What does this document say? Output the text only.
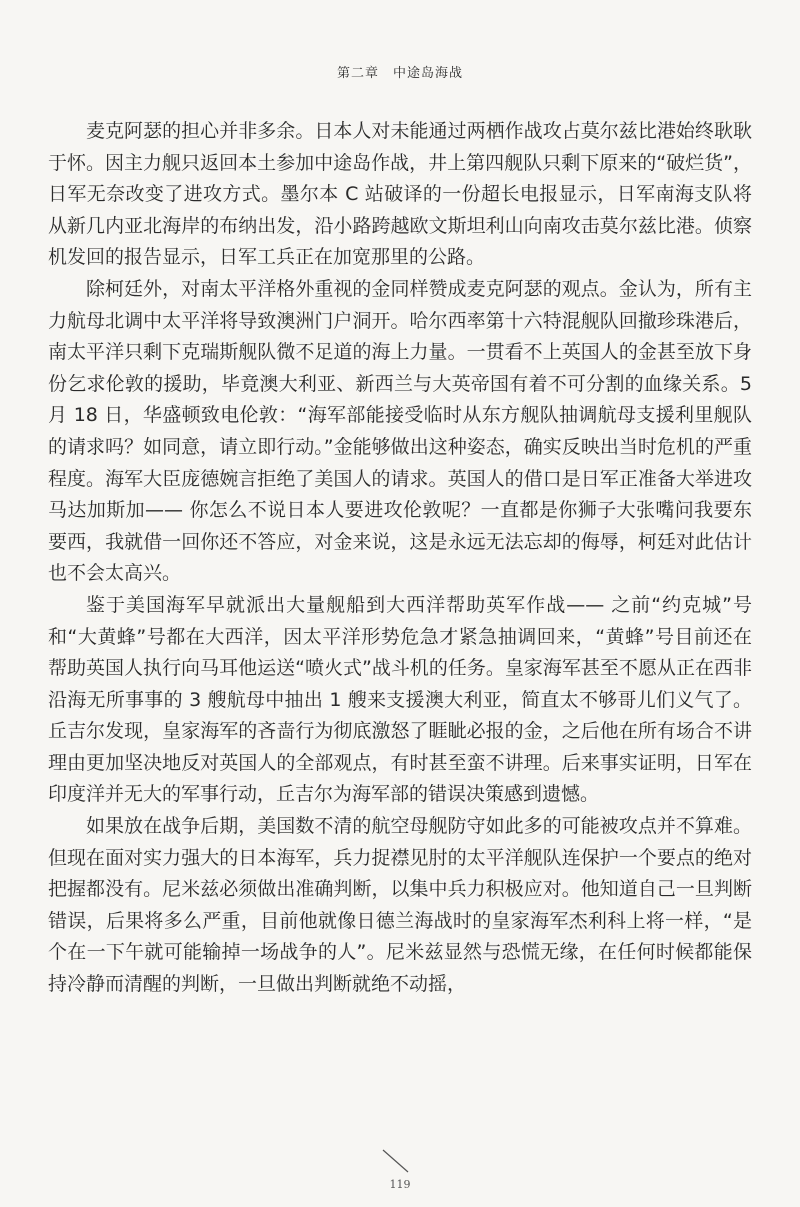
第二章　中途岛海战

麦克阿瑟的担心并非多余。日本人对未能通过两栖作战攻占莫尔兹比港始终耿耿于怀。因主力舰只返回本土参加中途岛作战，井上第四舰队只剩下原来的“破烂货”，日军无奈改变了进攻方式。墨尔本 C 站破译的一份超长电报显示，日军南海支队将从新几内亚北海岸的布纳出发，沿小路跨越欧文斯坦利山向南攻击莫尔兹比港。侦察机发回的报告显示，日军工兵正在加宽那里的公路。

除柯廷外，对南太平洋格外重视的金同样赞成麦克阿瑟的观点。金认为，所有主力航母北调中太平洋将导致澳洲门户洞开。哈尔西率第十六特混舰队回撤珍珠港后，南太平洋只剩下克瑞斯舰队微不足道的海上力量。一贯看不上英国人的金甚至放下身份乞求伦敦的援助，毕竟澳大利亚、新西兰与大英帝国有着不可分割的血缘关系。5 月 18 日，华盛顿致电伦敦：“海军部能接受临时从东方舰队抽调航母支援利里舰队的请求吗？如同意，请立即行动。”金能够做出这种姿态，确实反映出当时危机的严重程度。海军大臣庞德婉言拒绝了美国人的请求。英国人的借口是日军正准备大举进攻马达加斯加—— 你怎么不说日本人要进攻伦敦呢？一直都是你狮子大张嘴问我要东要西，我就借一回你还不答应，对金来说，这是永远无法忘却的侮辱，柯廷对此估计也不会太高兴。

鉴于美国海军早就派出大量舰船到大西洋帮助英军作战—— 之前“约克城”号和“大黄蜂”号都在大西洋，因太平洋形势危急才紧急抽调回来，“黄蜂”号目前还在帮助英国人执行向马耳他运送“喷火式”战斗机的任务。皇家海军甚至不愿从正在西非沿海无所事事的 3 艘航母中抽出 1 艘来支援澳大利亚，简直太不够哥儿们义气了。丘吉尔发现，皇家海军的吝啬行为彻底激怒了睚眦必报的金，之后他在所有场合不讲理由更加坚决地反对英国人的全部观点，有时甚至蛮不讲理。后来事实证明，日军在印度洋并无大的军事行动，丘吉尔为海军部的错误决策感到遗憾。

如果放在战争后期，美国数不清的航空母舰防守如此多的可能被攻点并不算难。但现在面对实力强大的日本海军，兵力捉襟见肘的太平洋舰队连保护一个要点的绝对把握都没有。尼米兹必须做出准确判断，以集中兵力积极应对。他知道自己一旦判断错误，后果将多么严重，目前他就像日德兰海战时的皇家海军杰利科上将一样，“是个在一下午就可能输掉一场战争的人”。尼米兹显然与恐慌无缘，在任何时候都能保持冷静而清醒的判断，一旦做出判断就绝不动摇，

119
